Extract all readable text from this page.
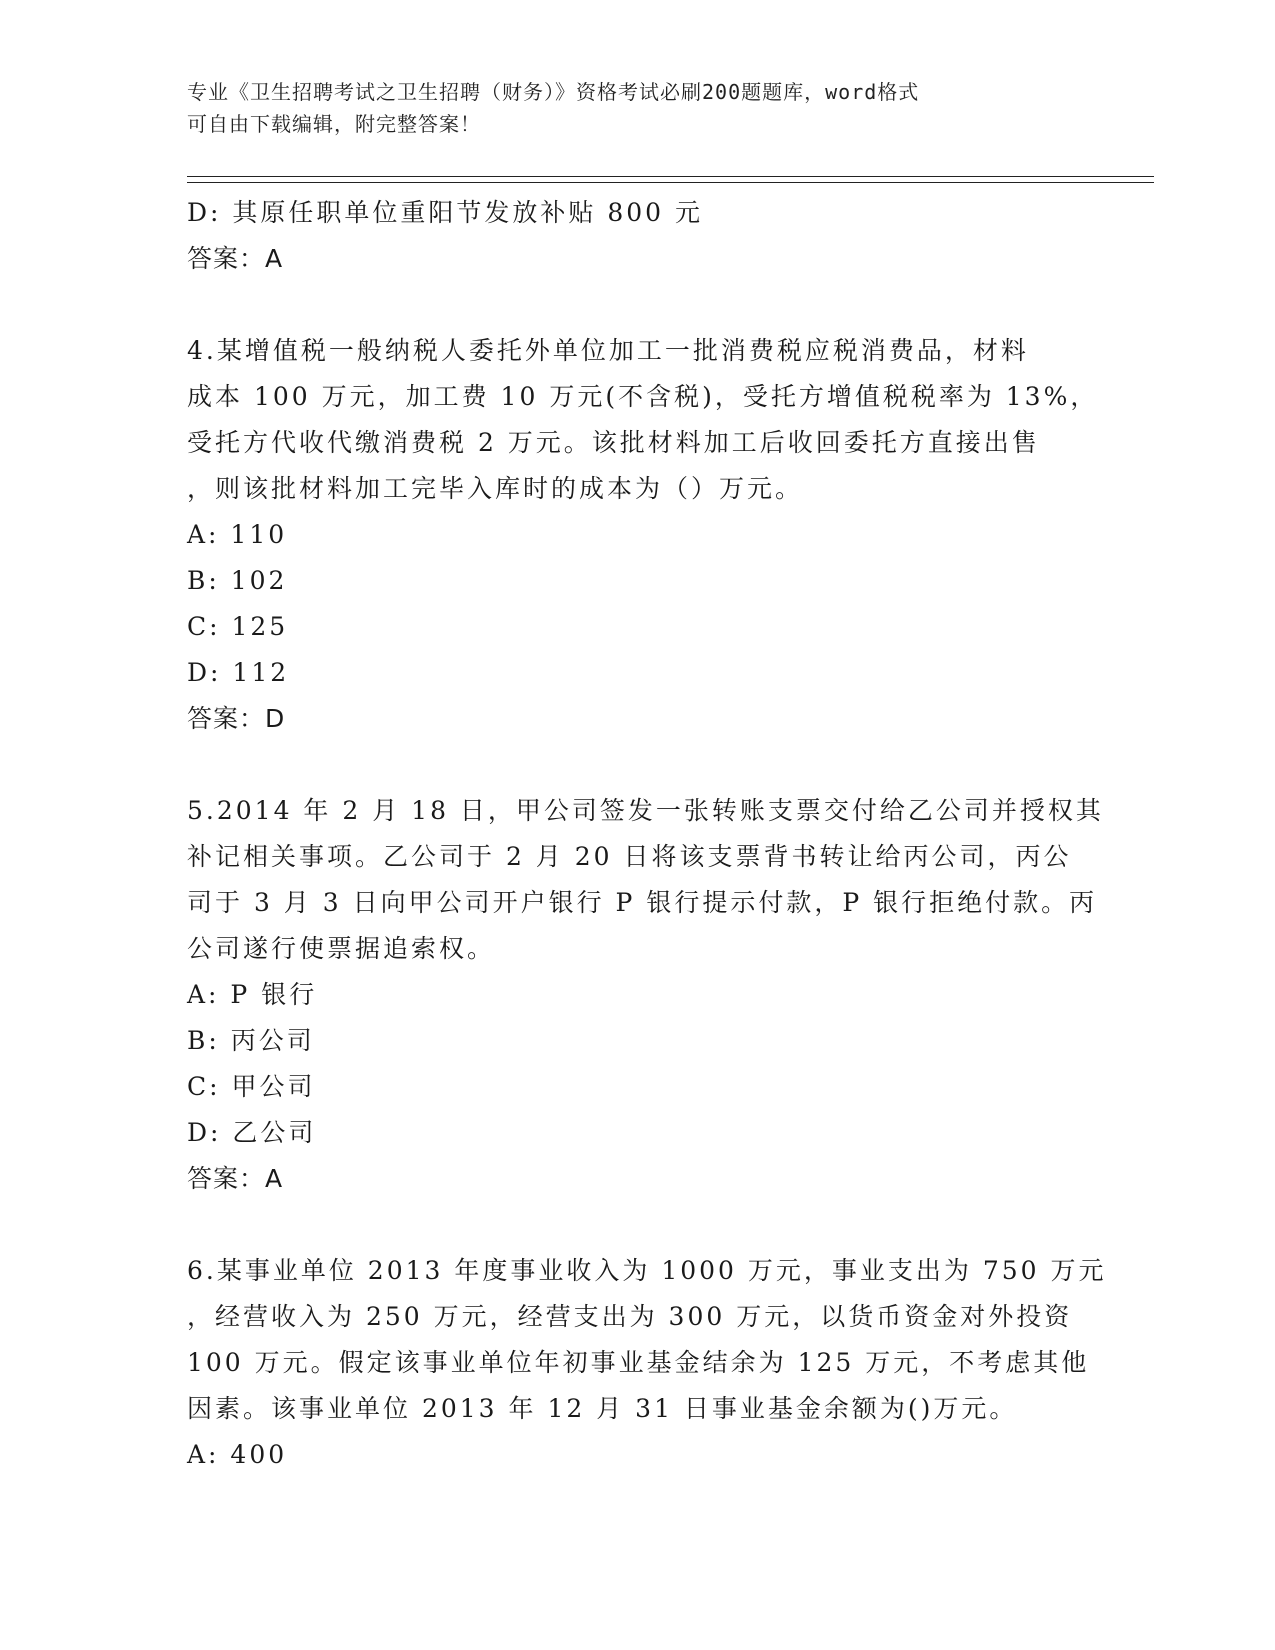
专业《卫生招聘考试之卫生招聘（财务）》资格考试必刷200题题库，word格式
可自由下载编辑，附完整答案！
D: 其原任职单位重阳节发放补贴 800 元
答案：A
4.某增值税一般纳税人委托外单位加工一批消费税应税消费品，材料
成本 100 万元，加工费 10 万元(不含税)，受托方增值税税率为 13%，
受托方代收代缴消费税 2 万元。该批材料加工后收回委托方直接出售
，则该批材料加工完毕入库时的成本为（）万元。
A: 110
B: 102
C: 125
D: 112
答案：D
5.2014 年 2 月 18 日，甲公司签发一张转账支票交付给乙公司并授权其
补记相关事项。乙公司于 2 月 20 日将该支票背书转让给丙公司，丙公
司于 3 月 3 日向甲公司开户银行 P 银行提示付款，P 银行拒绝付款。丙
公司遂行使票据追索权。
A: P 银行
B: 丙公司
C: 甲公司
D: 乙公司
答案：A
6.某事业单位 2013 年度事业收入为 1000 万元，事业支出为 750 万元
，经营收入为 250 万元，经营支出为 300 万元，以货币资金对外投资
100 万元。假定该事业单位年初事业基金结余为 125 万元，不考虑其他
因素。该事业单位 2013 年 12 月 31 日事业基金余额为()万元。
A: 400
